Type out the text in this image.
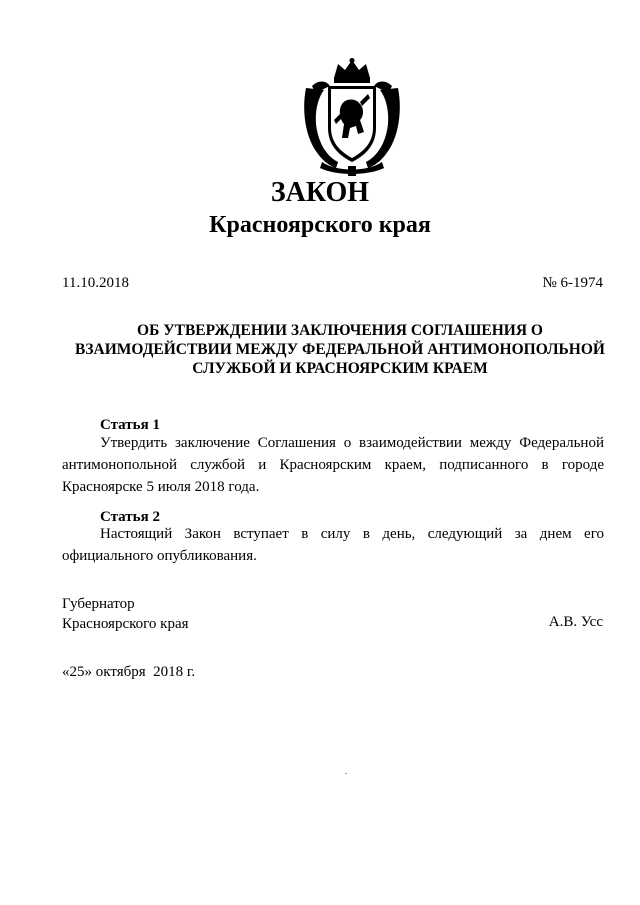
ЗАКОН
Красноярского края
11.10.2018	№ 6-1974
ОБ УТВЕРЖДЕНИИ ЗАКЛЮЧЕНИЯ СОГЛАШЕНИЯ О
ВЗАИМОДЕЙСТВИИ МЕЖДУ ФЕДЕРАЛЬНОЙ АНТИМОНОПОЛЬНОЙ
СЛУЖБОЙ И КРАСНОЯРСКИМ КРАЕМ
Статья 1
Утвердить заключение Соглашения о взаимодействии между Федеральной
антимонопольной службой и Красноярским краем, подписанного в городе
Красноярске 5 июля 2018 года.
Статья 2
Настоящий Закон вступает в силу в день, следующий за днем его
официального опубликования.
Губернатор
Красноярского края	А.В. Усс
«25» октября  2018 г.
